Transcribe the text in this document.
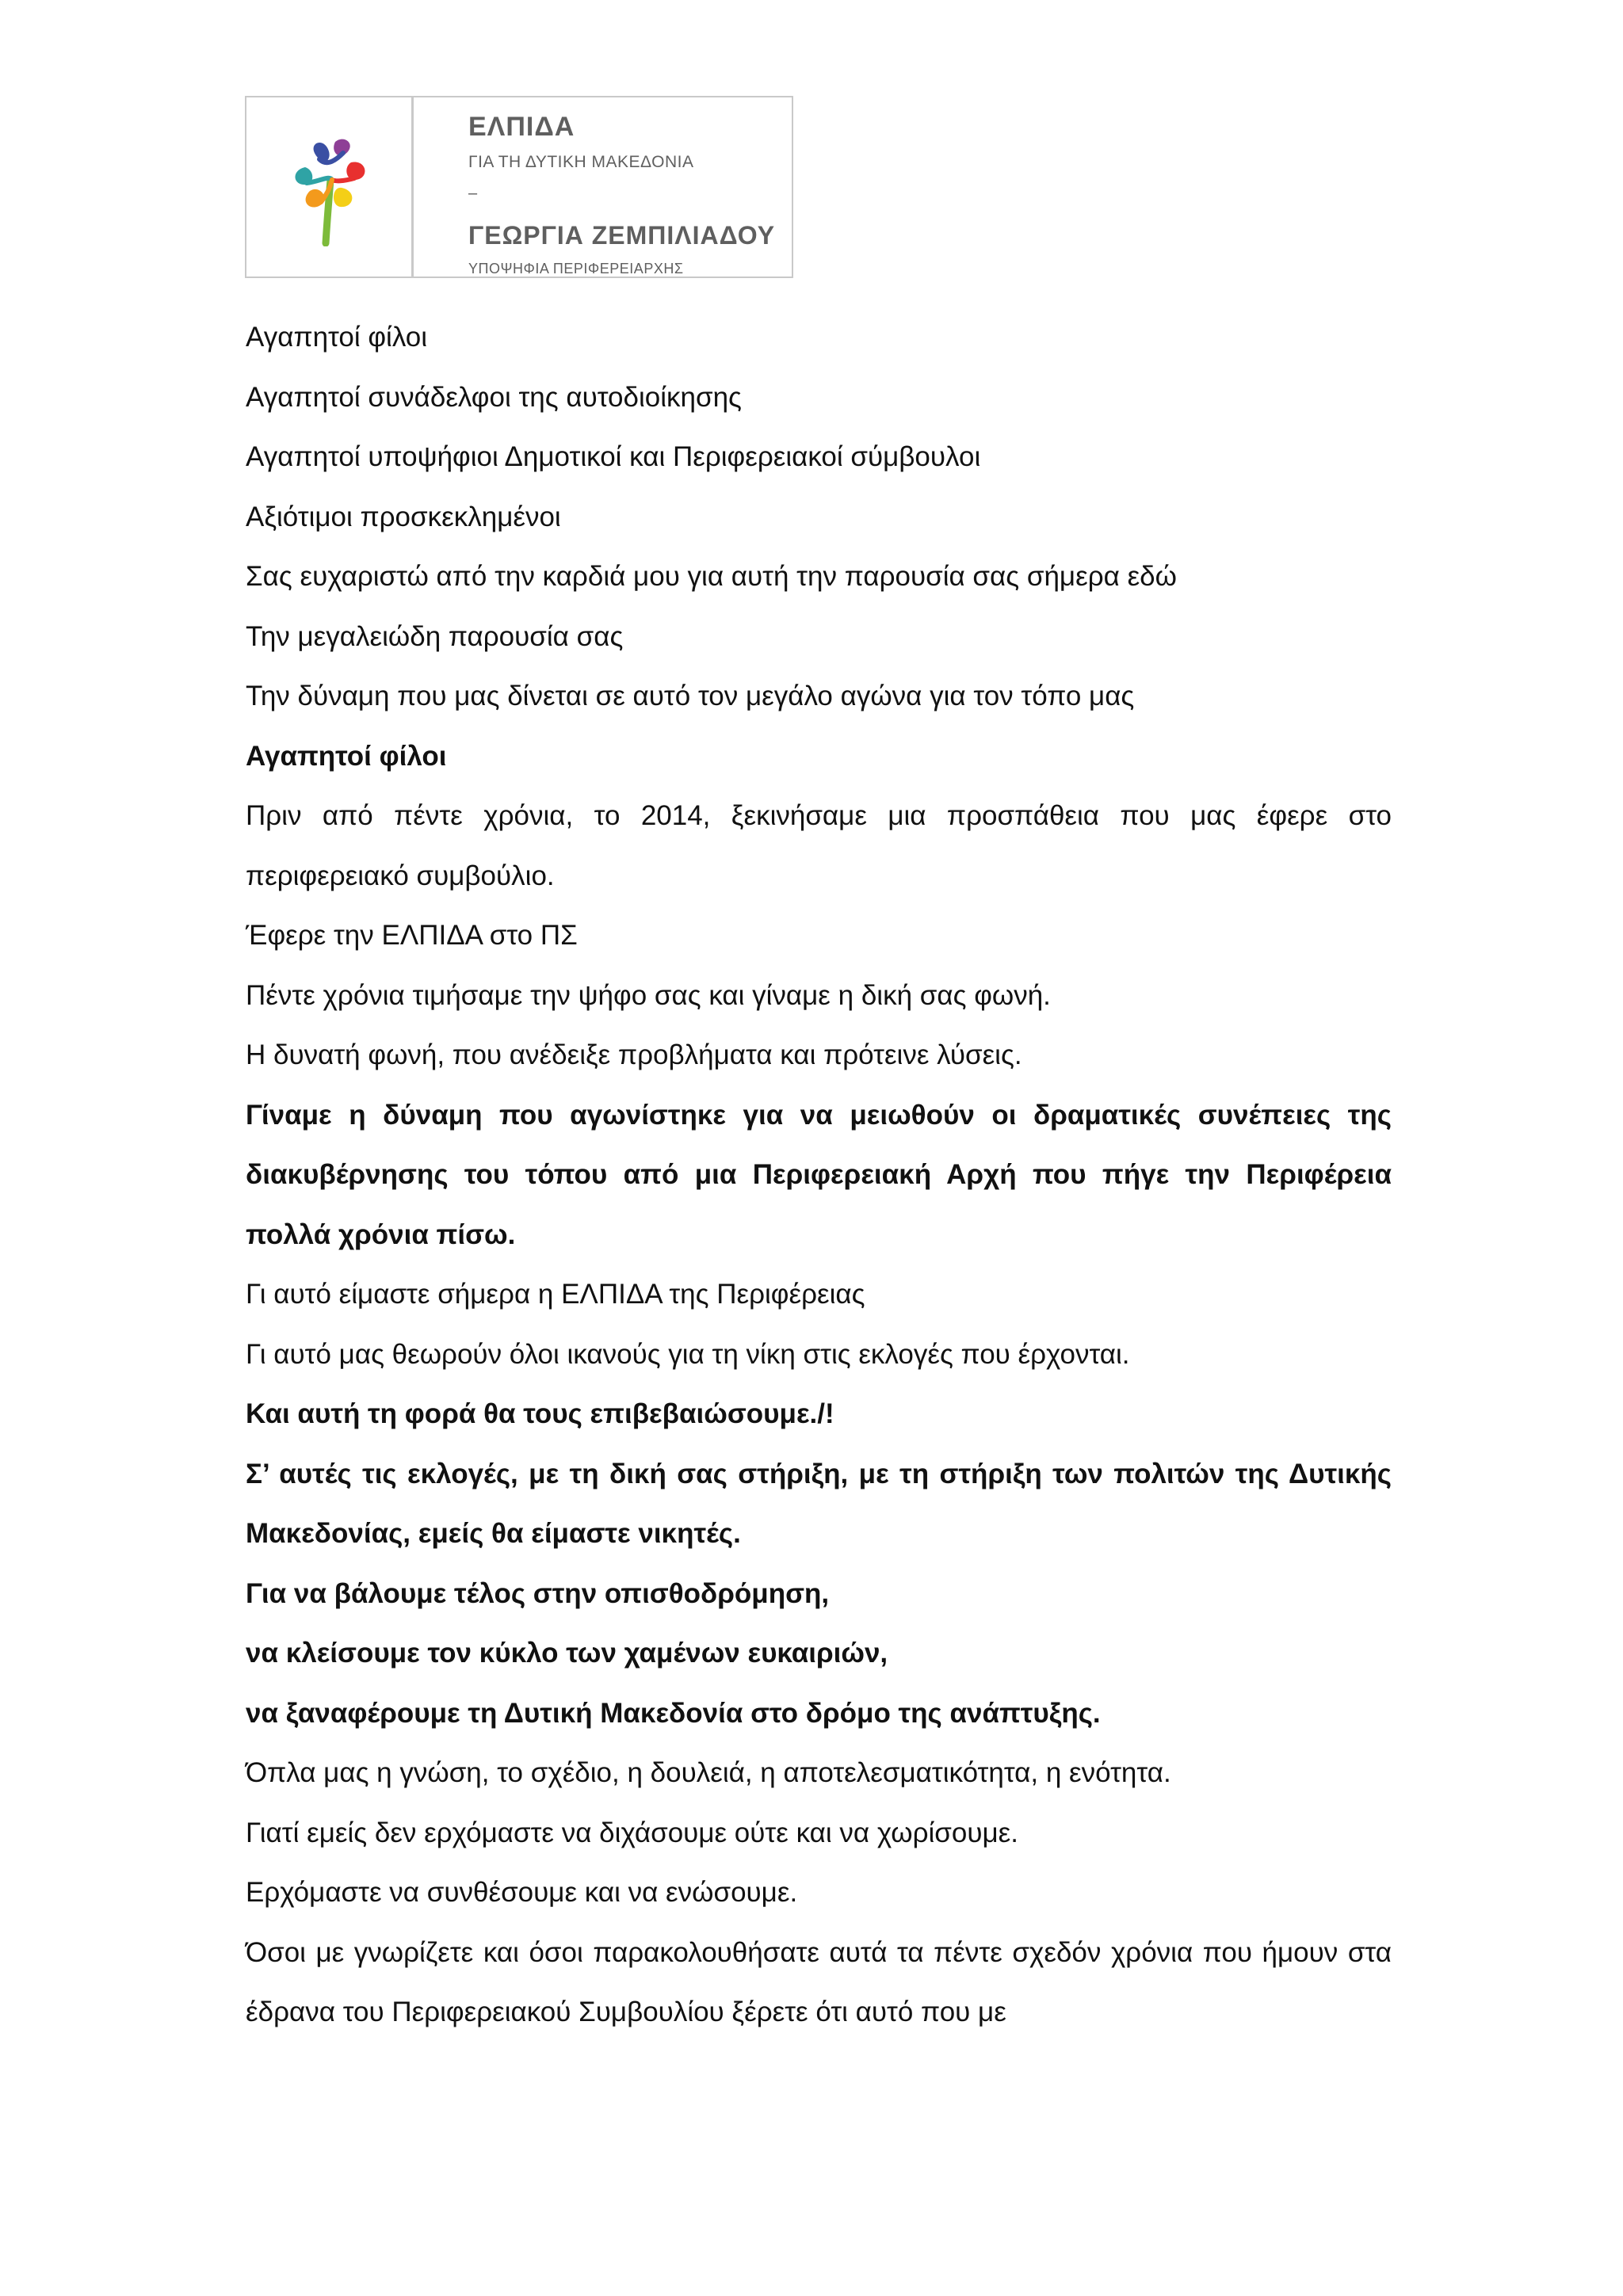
ΕΛΠΙΔΑ
ΓΙΑ ΤΗ ΔΥΤΙΚΗ ΜΑΚΕΔΟΝΙΑ
–
ΓΕΩΡΓΙΑ ΖΕΜΠΙΛΙΑΔΟΥ
ΥΠΟΨΗΦΙΑ ΠΕΡΙΦΕΡΕΙΑΡΧΗΣ

Αγαπητοί φίλοι

Αγαπητοί συνάδελφοι της αυτοδιοίκησης

Αγαπητοί υποψήφιοι Δημοτικοί και Περιφερειακοί σύμβουλοι

Αξιότιμοι προσκεκλημένοι

Σας ευχαριστώ από την καρδιά μου για αυτή την παρουσία σας σήμερα εδώ

Την μεγαλειώδη παρουσία σας

Την δύναμη που μας δίνεται σε αυτό τον μεγάλο αγώνα για τον τόπο μας

Αγαπητοί φίλοι

Πριν από πέντε χρόνια, το 2014, ξεκινήσαμε μια προσπάθεια που μας έφερε στο περιφερειακό συμβούλιο.

Έφερε την ΕΛΠΙΔΑ στο ΠΣ

Πέντε χρόνια τιμήσαμε την ψήφο σας και γίναμε η δική σας φωνή.

Η δυνατή φωνή, που ανέδειξε προβλήματα και πρότεινε λύσεις.

Γίναμε η δύναμη που αγωνίστηκε για να μειωθούν οι δραματικές συνέπειες της διακυβέρνησης του τόπου από μια Περιφερειακή Αρχή που πήγε την Περιφέρεια πολλά χρόνια πίσω.

Γι αυτό είμαστε σήμερα η ΕΛΠΙΔΑ της Περιφέρειας

Γι αυτό μας θεωρούν όλοι ικανούς για τη νίκη στις εκλογές που έρχονται.

Και αυτή τη φορά θα τους επιβεβαιώσουμε./!

Σ’ αυτές τις εκλογές, με τη δική σας στήριξη, με τη στήριξη των πολιτών της Δυτικής Μακεδονίας, εμείς θα είμαστε νικητές.

Για να βάλουμε τέλος στην οπισθοδρόμηση,

να κλείσουμε τον κύκλο των χαμένων ευκαιριών,

να ξαναφέρουμε τη Δυτική Μακεδονία στο δρόμο της ανάπτυξης.

Όπλα μας η γνώση, το σχέδιο, η δουλειά, η αποτελεσματικότητα, η ενότητα.

Γιατί εμείς δεν ερχόμαστε να διχάσουμε ούτε και να χωρίσουμε.

Ερχόμαστε να συνθέσουμε και να ενώσουμε.

Όσοι με γνωρίζετε και όσοι παρακολουθήσατε αυτά τα πέντε σχεδόν χρόνια που ήμουν στα έδρανα του Περιφερειακού Συμβουλίου ξέρετε ότι αυτό που με
